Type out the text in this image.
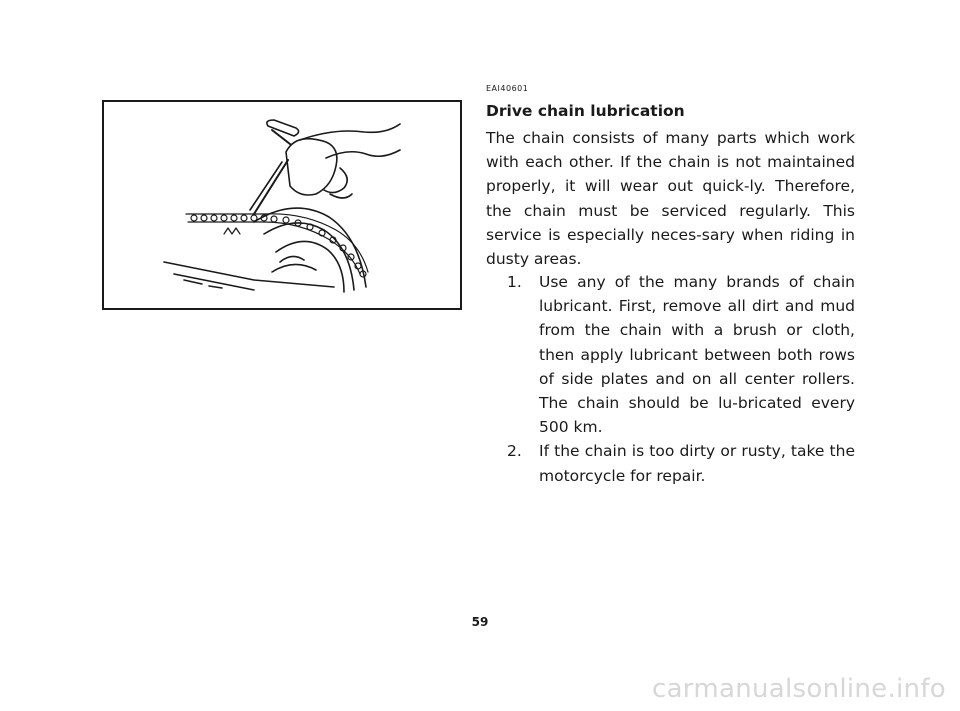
EAI40601
Drive chain lubrication
The chain consists of many parts which work with each other. If the chain is not maintained properly, it will wear out quick-ly. Therefore, the chain must be serviced regularly. This service is especially neces-sary when riding in dusty areas.
1.	Use any of the many brands of chain lubricant. First, remove all dirt and mud from the chain with a brush or cloth, then apply lubricant between both rows of side plates and on all center rollers. The chain should be lu-bricated every 500 km.
2.	If the chain is too dirty or rusty, take the motorcycle for repair.
59
carmanualsonline.info
